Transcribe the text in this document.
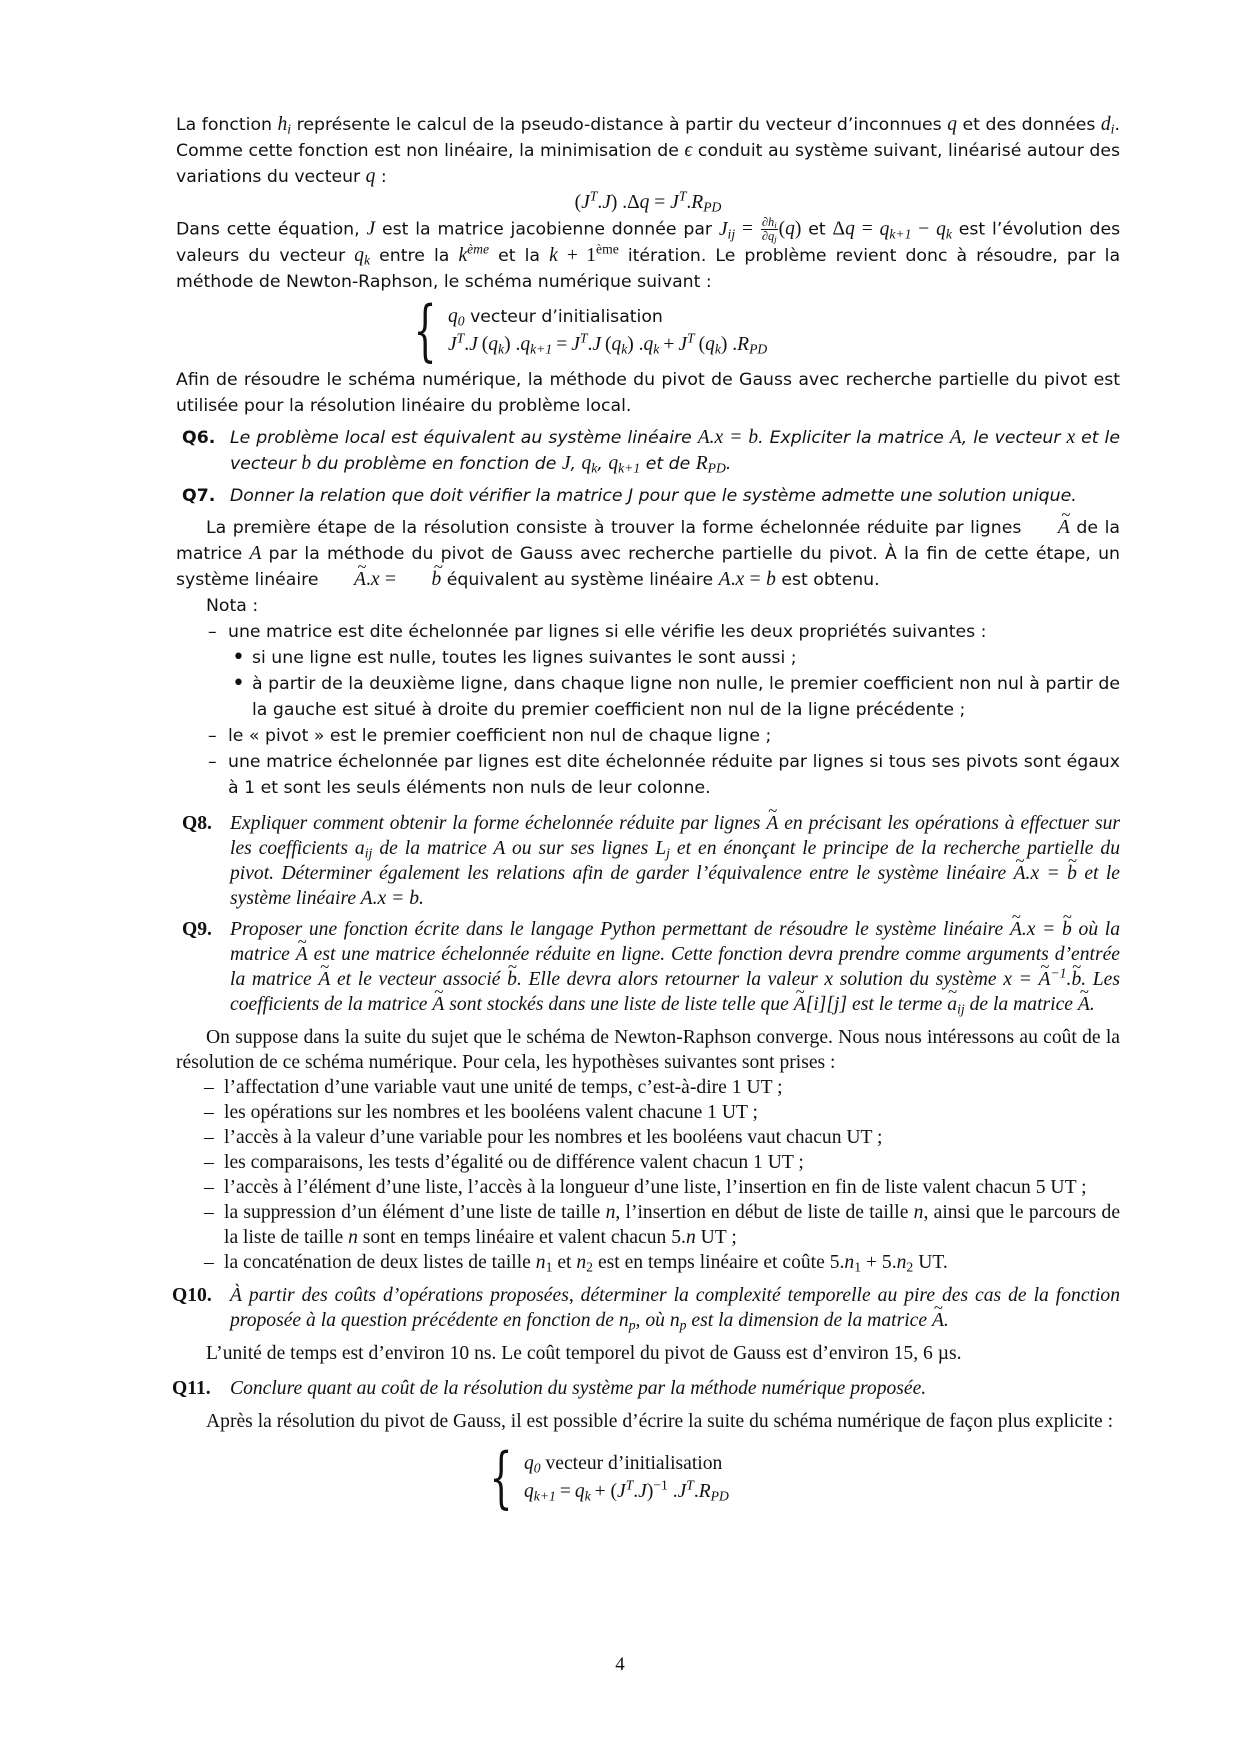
La fonction $h_i$ représente le calcul de la pseudo-distance à partir du vecteur d’inconnues q et des données $d_i$. Comme cette fonction est non linéaire, la minimisation de ϵ conduit au système suivant, linéarisé autour des variations du vecteur q :

$(J^T.J) .\Delta q = J^T.R_{PD}$

Dans cette équation, J est la matrice jacobienne donnée par $J_{ij} = \frac{\partial h_i}{\partial q_j} (q)$ et $\Delta q = q_{k+1} - q_k$ est l’évolution des valeurs du vecteur $q_k$ entre la $k^{ème}$ et la k + 1ème itération. Le problème revient donc à résoudre, par la méthode de Newton-Raphson, le schéma numérique suivant :

{ $q_0$ vecteur d’initialisation
$J^T.J$ $(q_k) .q_{k+1} = J^T.J$ $(q_k) .q_k + J^T$ $(q_k)$ $.R_{PD}$

Afin de résoudre le schéma numérique, la méthode du pivot de Gauss avec recherche partielle du pivot est utilisée pour la résolution linéaire du problème local.

Q6. Le problème local est équivalent au système linéaire A.x = b. Expliciter la matrice A, le vecteur x et le vecteur b du problème en fonction de J, $q_k$, $q_{k+1}$ et de $R_{PD}$.
Q7. Donner la relation que doit vérifier la matrice J pour que le système admette une solution unique.

La première étape de la résolution consiste à trouver la forme échelonnée réduite par lignes A ~ de la matrice A par la méthode du pivot de Gauss avec recherche partielle du pivot. À la fin de cette étape, un système linéaire A ~.x = b ~ équivalent au système linéaire A.x = b est obtenu.

Nota :

– une matrice est dite échelonnée par lignes si elle vérifie les deux propriétés suivantes :
• si une ligne est nulle, toutes les lignes suivantes le sont aussi ;
• à partir de la deuxième ligne, dans chaque ligne non nulle, le premier coefficient non nul à partir de la gauche est situé à droite du premier coefficient non nul de la ligne précédente ;
– le « pivot » est le premier coefficient non nul de chaque ligne ;
– une matrice échelonnée par lignes est dite échelonnée réduite par lignes si tous ses pivots sont égaux à 1 et sont les seuls éléments non nuls de leur colonne.
Q8. Expliquer comment obtenir la forme échelonnée réduite par lignes A ~ en précisant les opérations à effectuer sur les coefficients $a_{ij}$ de la matrice A ou sur ses lignes $L_j$ et en énonçant le principe de la recherche partielle du pivot. Déterminer également les relations afin de garder l’équivalence entre le système linéaire A ~.x = b ~ et le système linéaire A.x = b.
Q9. Proposer une fonction écrite dans le langage Python permettant de résoudre le système linéaire A ~.x = b ~ où la matrice A ~ est une matrice échelonnée réduite en ligne. Cette fonction devra prendre comme arguments d’entrée la matrice A ~ et le vecteur associé b ~. Elle devra alors retourner la valeur x solution du système x = A ~$^{-1}$.b ~. Les coefficients de la matrice A ~ sont stockés dans une liste de liste telle que A ~[i][j] est le terme a $\sim_{ij}$ de la matrice A ~.

On suppose dans la suite du sujet que le schéma de Newton-Raphson converge. Nous nous intéressons au coût de la résolution de ce schéma numérique. Pour cela, les hypothèses suivantes sont prises :

– l’affectation d’une variable vaut une unité de temps, c’est-à-dire 1 UT ;
– les opérations sur les nombres et les booléens valent chacune 1 UT ;
– l’accès à la valeur d’une variable pour les nombres et les booléens vaut chacun UT ;
– les comparaisons, les tests d’égalité ou de différence valent chacun 1 UT ;
– l’accès à l’élément d’une liste, l’accès à la longueur d’une liste, l’insertion en fin de liste valent chacun 5 UT ;
– la suppression d’un élément d’une liste de taille n, l’insertion en début de liste de taille n, ainsi que le parcours de la liste de taille n sont en temps linéaire et valent chacun 5.n UT ;
– la concaténation de deux listes de taille $n_1$ et $n_2$ est en temps linéaire et coûte $5.n_1 + 5.n_2$ UT.
Q10. À partir des coûts d’opérations proposées, déterminer la complexité temporelle au pire des cas de la fonction proposée à la question précédente en fonction de $n_p$, où $n_p$ est la dimension de la matrice A ~.

L’unité de temps est d’environ 10 ns. Le coût temporel du pivot de Gauss est d’environ 15, 6 µs.

Q11. Conclure quant au coût de la résolution du système par la méthode numérique proposée.

Après la résolution du pivot de Gauss, il est possible d’écrire la suite du schéma numérique de façon plus explicite :

{ $q_0$ vecteur d’initialisation
$q_{k+1} = q_k + (J^T.J)^{-1}$ $.J^T.R_{PD}$
4
